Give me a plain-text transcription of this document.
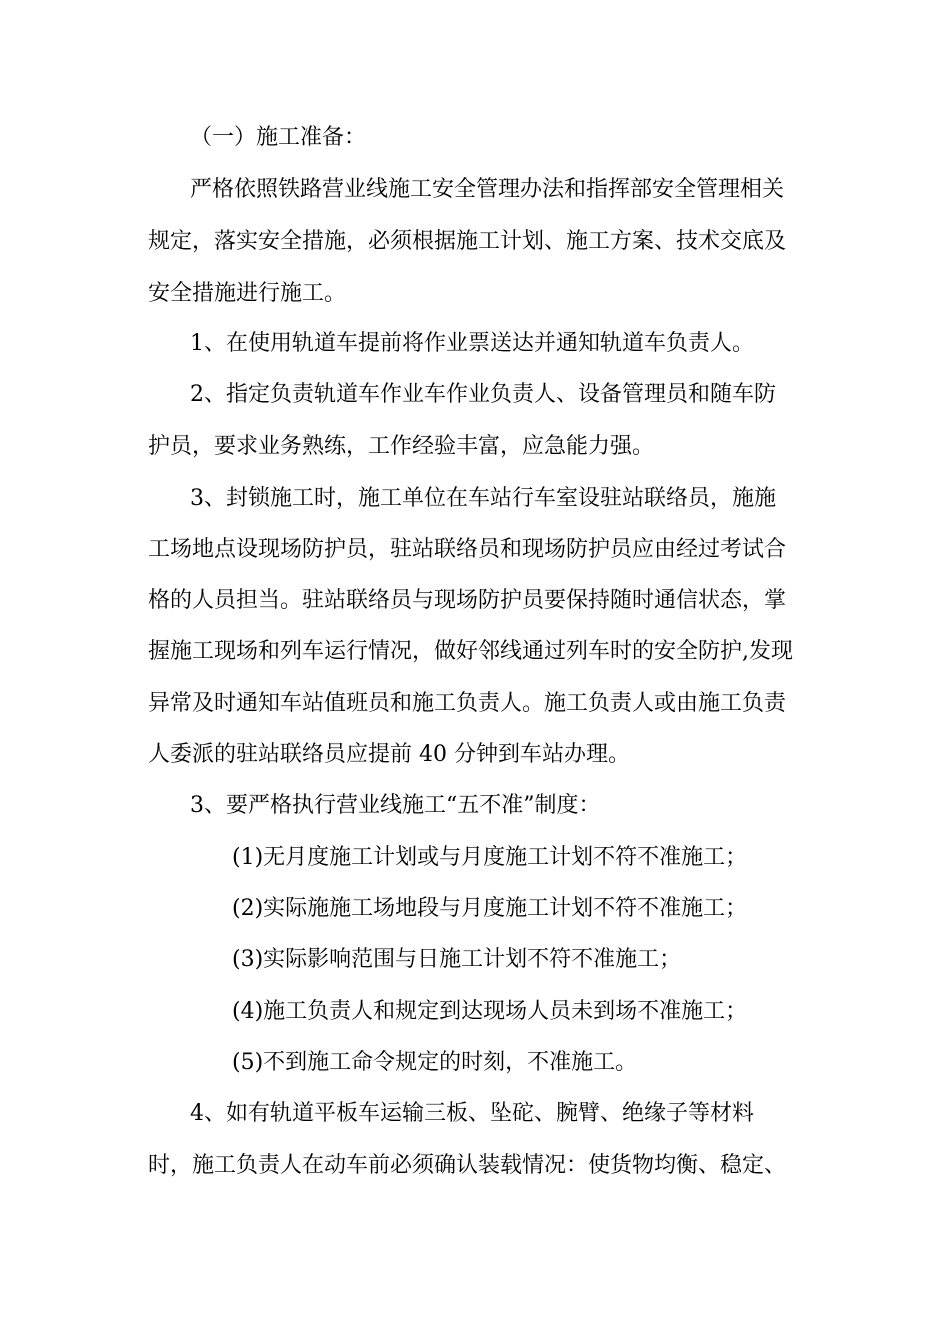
（一）施工准备：

严格依照铁路营业线施工安全管理办法和指挥部安全管理相关

规定，落实安全措施，必须根据施工计划、施工方案、技术交底及

安全措施进行施工。

1、在使用轨道车提前将作业票送达并通知轨道车负责人。

2、指定负责轨道车作业车作业负责人、设备管理员和随车防

护员，要求业务熟练，工作经验丰富，应急能力强。

3、封锁施工时，施工单位在车站行车室设驻站联络员，施施

工场地点设现场防护员，驻站联络员和现场防护员应由经过考试合

格的人员担当。驻站联络员与现场防护员要保持随时通信状态，掌

握施工现场和列车运行情况，做好邻线通过列车时的安全防护,发现

异常及时通知车站值班员和施工负责人。施工负责人或由施工负责

人委派的驻站联络员应提前 40 分钟到车站办理。

3、要严格执行营业线施工“五不准”制度：

(1)无月度施工计划或与月度施工计划不符不准施工；

(2)实际施施工场地段与月度施工计划不符不准施工；

(3)实际影响范围与日施工计划不符不准施工；

(4)施工负责人和规定到达现场人员未到场不准施工；

(5)不到施工命令规定的时刻，不准施工。

4、如有轨道平板车运输三板、坠砣、腕臂、绝缘子等材料

时，施工负责人在动车前必须确认装载情况：使货物均衡、稳定、
